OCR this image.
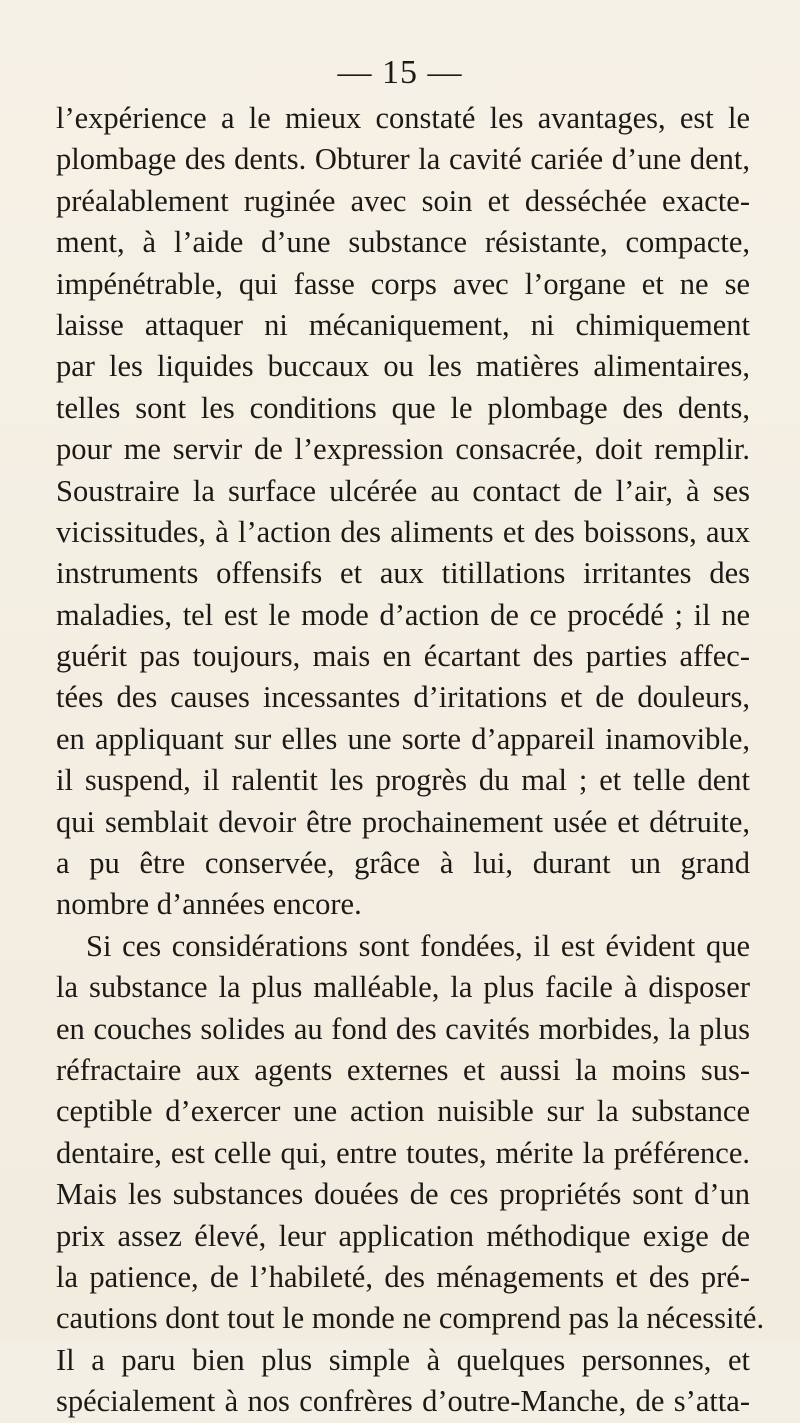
— 15 —
l’expérience a le mieux constaté les avantages, est le
plombage des dents. Obturer la cavité cariée d’une dent,
préalablement ruginée avec soin et desséchée exacte-
ment, à l’aide d’une substance résistante, compacte,
impénétrable, qui fasse corps avec l’organe et ne se
laisse attaquer ni mécaniquement, ni chimiquement
par les liquides buccaux ou les matières alimentaires,
telles sont les conditions que le plombage des dents,
pour me servir de l’expression consacrée, doit remplir.
Soustraire la surface ulcérée au contact de l’air, à ses
vicissitudes, à l’action des aliments et des boissons, aux
instruments offensifs et aux titillations irritantes des
maladies, tel est le mode d’action de ce procédé ; il ne
guérit pas toujours, mais en écartant des parties affec-
tées des causes incessantes d’iritations et de douleurs,
en appliquant sur elles une sorte d’appareil inamovible,
il suspend, il ralentit les progrès du mal ; et telle dent
qui semblait devoir être prochainement usée et détruite,
a pu être conservée, grâce à lui, durant un grand
nombre d’années encore.
Si ces considérations sont fondées, il est évident que
la substance la plus malléable, la plus facile à disposer
en couches solides au fond des cavités morbides, la plus
réfractaire aux agents externes et aussi la moins sus-
ceptible d’exercer une action nuisible sur la substance
dentaire, est celle qui, entre toutes, mérite la préférence.
Mais les substances douées de ces propriétés sont d’un
prix assez élevé, leur application méthodique exige de
la patience, de l’habileté, des ménagements et des pré-
cautions dont tout le monde ne comprend pas la nécessité.
Il a paru bien plus simple à quelques personnes, et
spécialement à nos confrères d’outre-Manche, de s’atta-
